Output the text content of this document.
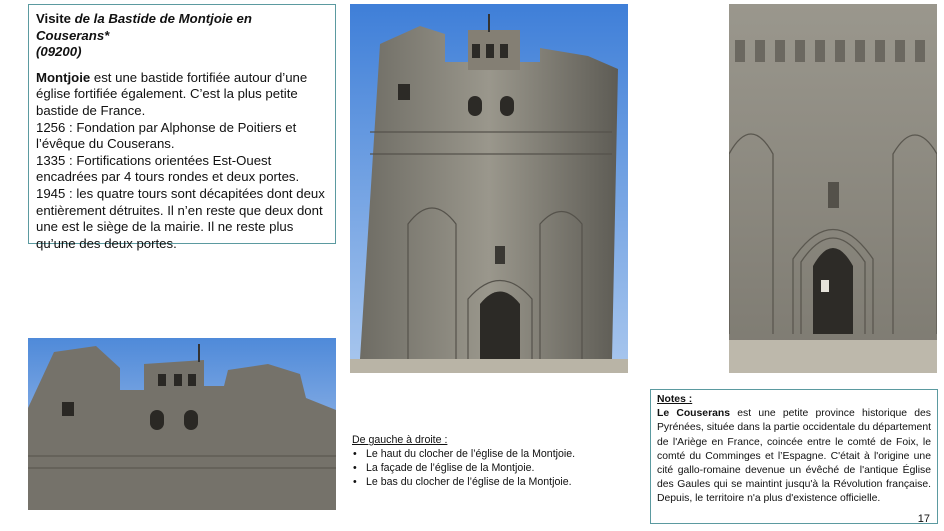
Visite de la Bastide de Montjoie en Couserans*
(09200)

Montjoie est une bastide fortifiée autour d’une église fortifiée également. C’est la plus petite bastide de France.

1256 : Fondation par Alphonse de Poitiers et l’évêque du Couserans.

1335 : Fortifications orientées Est-Ouest encadrées par 4 tours rondes et deux portes.

1945 : les quatre tours sont décapitées dont deux entièrement détruites. Il n’en reste que deux dont une est le siège de la mairie. Il ne reste plus qu’une des deux portes.

De gauche à droite :
• Le haut du clocher de l’église de la Montjoie.
• La façade de l’église de la Montjoie.
• Le bas du clocher de l’église de la Montjoie.
Notes :
Le Couserans est une petite province historique des Pyrénées, située dans la partie occidentale du département de l'Ariège en France, coincée entre le comté de Foix, le comté du Comminges et l’Espagne. C'était à l'origine une cité gallo-romaine devenue un évêché de l'antique Église des Gaules qui se maintint jusqu'à la Révolution française. Depuis, le territoire n'a plus d'existence officielle.
17
